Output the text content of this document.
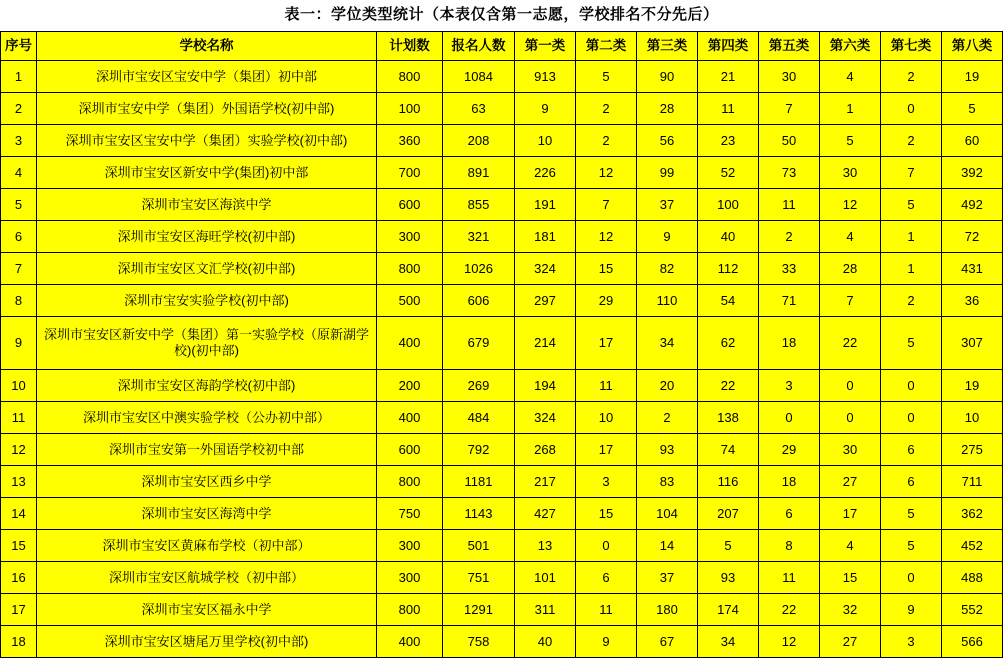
表一：学位类型统计（本表仅含第一志愿，学校排名不分先后）
序号	学校名称	计划数	报名人数	第一类	第二类	第三类	第四类	第五类	第六类	第七类	第八类
1	深圳市宝安区宝安中学（集团）初中部	800	1084	913	5	90	21	30	4	2	19
2	深圳市宝安中学（集团）外国语学校(初中部)	100	63	9	2	28	11	7	1	0	5
3	深圳市宝安区宝安中学（集团）实验学校(初中部)	360	208	10	2	56	23	50	5	2	60
4	深圳市宝安区新安中学(集团)初中部	700	891	226	12	99	52	73	30	7	392
5	深圳市宝安区海滨中学	600	855	191	7	37	100	11	12	5	492
6	深圳市宝安区海旺学校(初中部)	300	321	181	12	9	40	2	4	1	72
7	深圳市宝安区文汇学校(初中部)	800	1026	324	15	82	112	33	28	1	431
8	深圳市宝安实验学校(初中部)	500	606	297	29	110	54	71	7	2	36
9	深圳市宝安区新安中学（集团）第一实验学校（原新湖学校)(初中部)	400	679	214	17	34	62	18	22	5	307
10	深圳市宝安区海韵学校(初中部)	200	269	194	11	20	22	3	0	0	19
11	深圳市宝安区中澳实验学校（公办初中部）	400	484	324	10	2	138	0	0	0	10
12	深圳市宝安第一外国语学校初中部	600	792	268	17	93	74	29	30	6	275
13	深圳市宝安区西乡中学	800	1181	217	3	83	116	18	27	6	711
14	深圳市宝安区海湾中学	750	1143	427	15	104	207	6	17	5	362
15	深圳市宝安区黄麻布学校（初中部）	300	501	13	0	14	5	8	4	5	452
16	深圳市宝安区航城学校（初中部）	300	751	101	6	37	93	11	15	0	488
17	深圳市宝安区福永中学	800	1291	311	11	180	174	22	32	9	552
18	深圳市宝安区塘尾万里学校(初中部)	400	758	40	9	67	34	12	27	3	566
